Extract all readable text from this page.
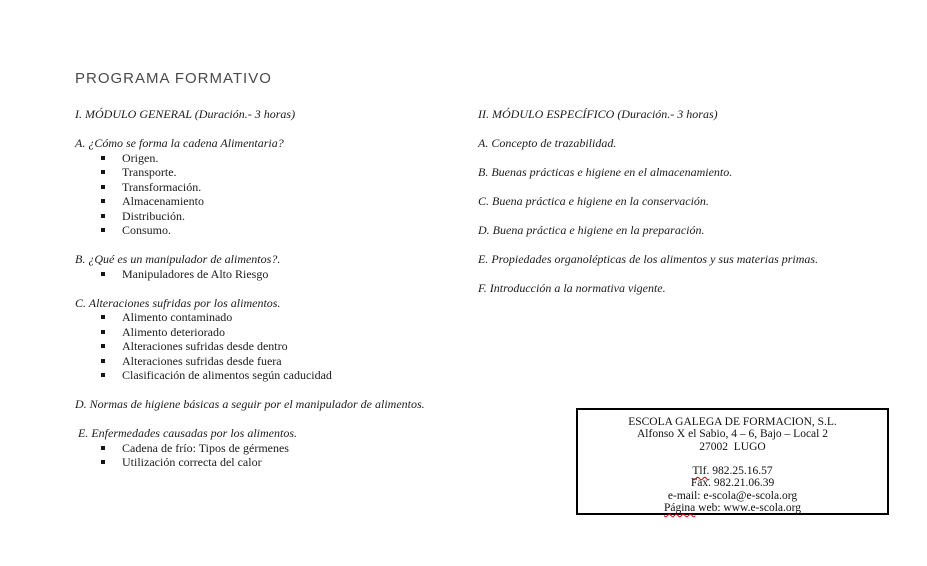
PROGRAMA FORMATIVO
I. MÓDULO GENERAL (Duración.- 3 horas)
A. ¿Cómo se forma la cadena Alimentaria?
Origen.
Transporte.
Transformación.
Almacenamiento
Distribución.
Consumo.
B. ¿Qué es un manipulador de alimentos?.
Manipuladores de Alto Riesgo
C. Alteraciones sufridas por los alimentos.
Alimento contaminado
Alimento deteriorado
Alteraciones sufridas desde dentro
Alteraciones sufridas desde fuera
Clasificación de alimentos según caducidad
D. Normas de higiene básicas a seguir por el manipulador de alimentos.
E. Enfermedades causadas por los alimentos.
Cadena de frío: Tipos de gérmenes
Utilización correcta del calor
II. MÓDULO ESPECÍFICO (Duración.- 3 horas)
A. Concepto de trazabilidad.
B. Buenas prácticas e higiene en el almacenamiento.
C. Buena práctica e higiene en la conservación.
D. Buena práctica e higiene en la preparación.
E. Propiedades organolépticas de los alimentos y sus materias primas.
F. Introducción a la normativa vigente.
ESCOLA GALEGA DE FORMACION, S.L.
Alfonso X el Sabio, 4 – 6, Bajo – Local 2
27002  LUGO
Tlf. 982.25.16.57
Fax. 982.21.06.39
e-mail: e-scola@e-scola.org
Página web: www.e-scola.org
